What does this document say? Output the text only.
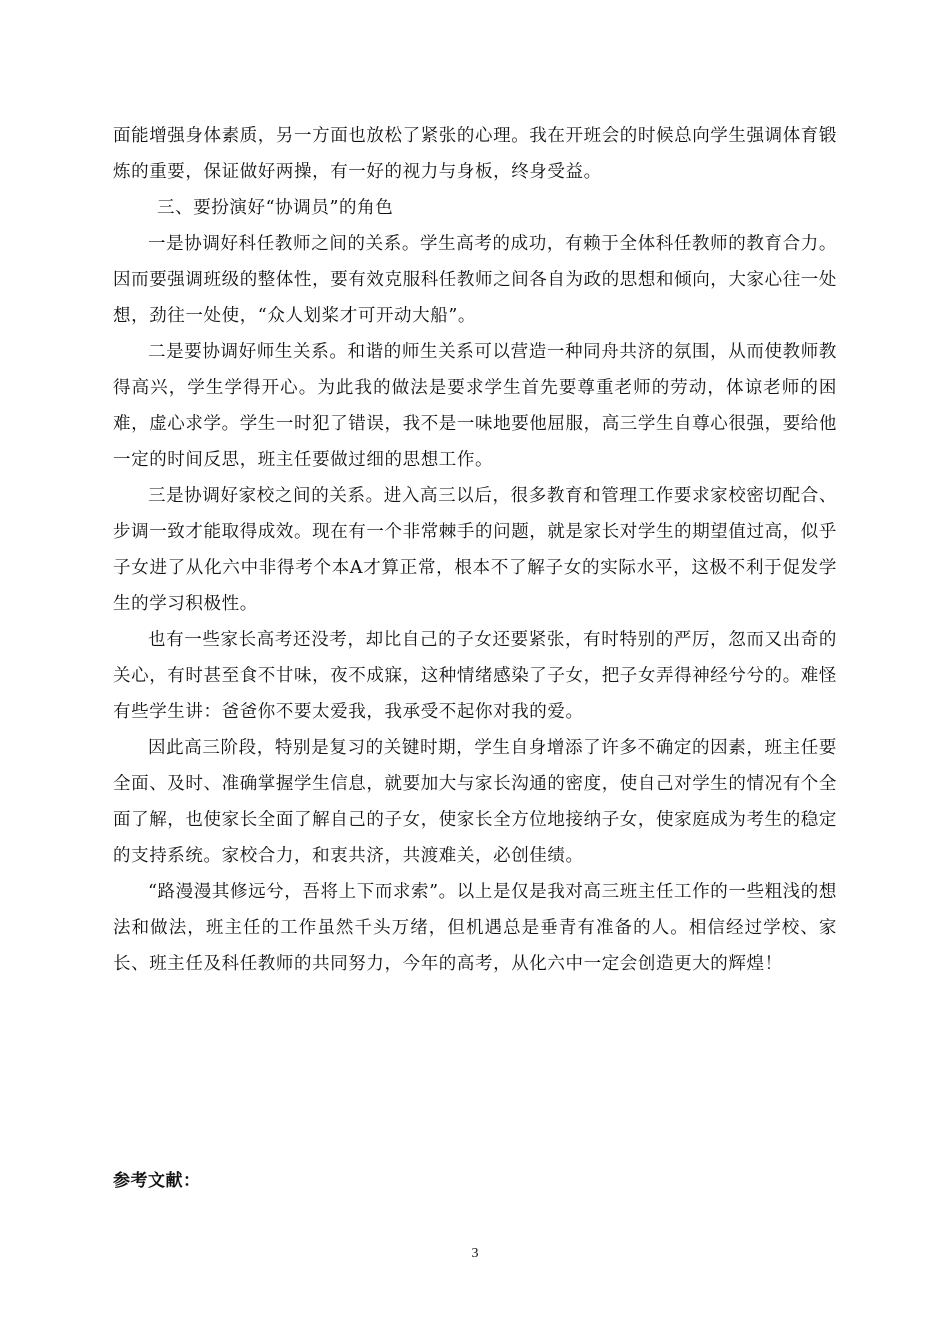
面能增强身体素质，另一方面也放松了紧张的心理。我在开班会的时候总向学生强调体育锻炼的重要，保证做好两操，有一好的视力与身板，终身受益。

三、要扮演好“协调员”的角色

一是协调好科任教师之间的关系。学生高考的成功，有赖于全体科任教师的教育合力。因而要强调班级的整体性，要有效克服科任教师之间各自为政的思想和倾向，大家心往一处想，劲往一处使，“众人划桨才可开动大船”。

二是要协调好师生关系。和谐的师生关系可以营造一种同舟共济的氛围，从而使教师教得高兴，学生学得开心。为此我的做法是要求学生首先要尊重老师的劳动，体谅老师的困难，虚心求学。学生一时犯了错误，我不是一味地要他屈服，高三学生自尊心很强，要给他一定的时间反思，班主任要做过细的思想工作。

三是协调好家校之间的关系。进入高三以后，很多教育和管理工作要求家校密切配合、步调一致才能取得成效。现在有一个非常棘手的问题，就是家长对学生的期望值过高，似乎子女进了从化六中非得考个本A才算正常，根本不了解子女的实际水平，这极不利于促发学生的学习积极性。

也有一些家长高考还没考，却比自己的子女还要紧张，有时特别的严厉，忽而又出奇的关心，有时甚至食不甘味，夜不成寐，这种情绪感染了子女，把子女弄得神经兮兮的。难怪有些学生讲：爸爸你不要太爱我，我承受不起你对我的爱。

因此高三阶段，特别是复习的关键时期，学生自身增添了许多不确定的因素，班主任要全面、及时、准确掌握学生信息，就要加大与家长沟通的密度，使自己对学生的情况有个全面了解，也使家长全面了解自己的子女，使家长全方位地接纳子女，使家庭成为考生的稳定的支持系统。家校合力，和衷共济，共渡难关，必创佳绩。

“路漫漫其修远兮，吾将上下而求索”。以上是仅是我对高三班主任工作的一些粗浅的想法和做法，班主任的工作虽然千头万绪，但机遇总是垂青有准备的人。相信经过学校、家长、班主任及科任教师的共同努力，今年的高考，从化六中一定会创造更大的辉煌！

参考文献：
3
